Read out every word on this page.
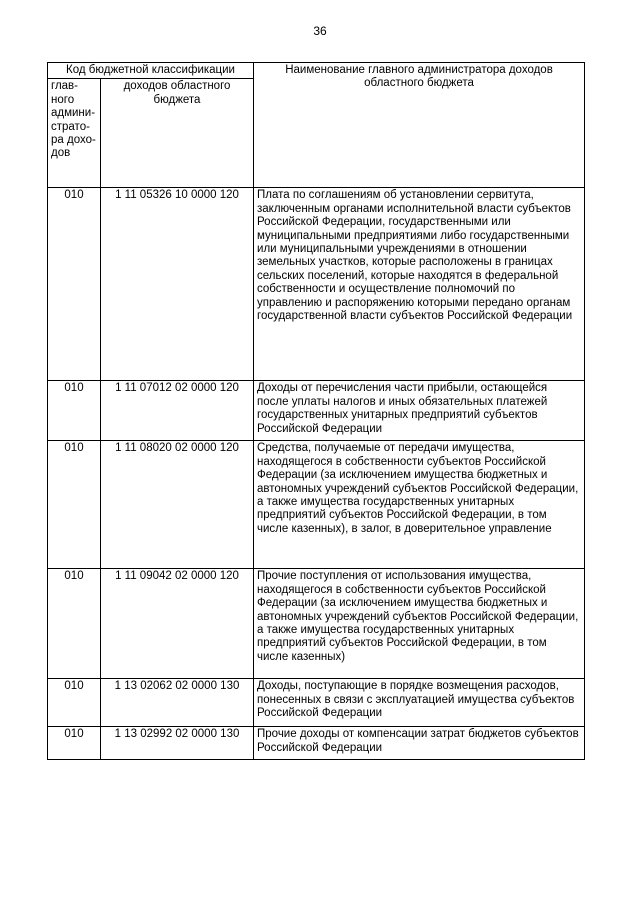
36
Код бюджетной классификации		Наименование главного администратора доходов областного бюджета
глав-ного админи-страто-ра дохо-дов	доходов областного бюджета	
010	1 11 05326 10 0000 120	Плата по соглашениям об установлении сервитута, заключенным органами исполнительной власти субъектов Российской Федерации, государственными или муниципальными предприятиями либо государственными или муниципальными учреждениями в отношении земельных участков, которые расположены в границах сельских поселений, которые находятся в федеральной собственности и осуществление полномочий по управлению и распоряжению которыми передано органам государственной власти субъектов Российской Федерации
010	1 11 07012 02 0000 120	Доходы от перечисления части прибыли, остающейся после уплаты налогов и иных обязательных платежей государственных унитарных предприятий субъектов Российской Федерации
010	1 11 08020 02 0000 120	Средства, получаемые от передачи имущества, находящегося в собственности субъектов Российской Федерации (за исключением имущества бюджетных и автономных учреждений субъектов Российской Федерации, а также имущества государственных унитарных предприятий субъектов Российской Федерации, в том числе казенных), в залог, в доверительное управление
010	1 11 09042 02 0000 120	Прочие поступления от использования имущества, находящегося в собственности субъектов Российской Федерации (за исключением имущества бюджетных и автономных учреждений субъектов Российской Федерации, а также имущества государственных унитарных предприятий субъектов Российской Федерации, в том числе казенных)
010	1 13 02062 02 0000 130	Доходы, поступающие в порядке возмещения расходов, понесенных в связи с эксплуатацией имущества субъектов Российской Федерации
010	1 13 02992 02 0000 130	Прочие доходы от компенсации затрат бюджетов субъектов Российской Федерации
